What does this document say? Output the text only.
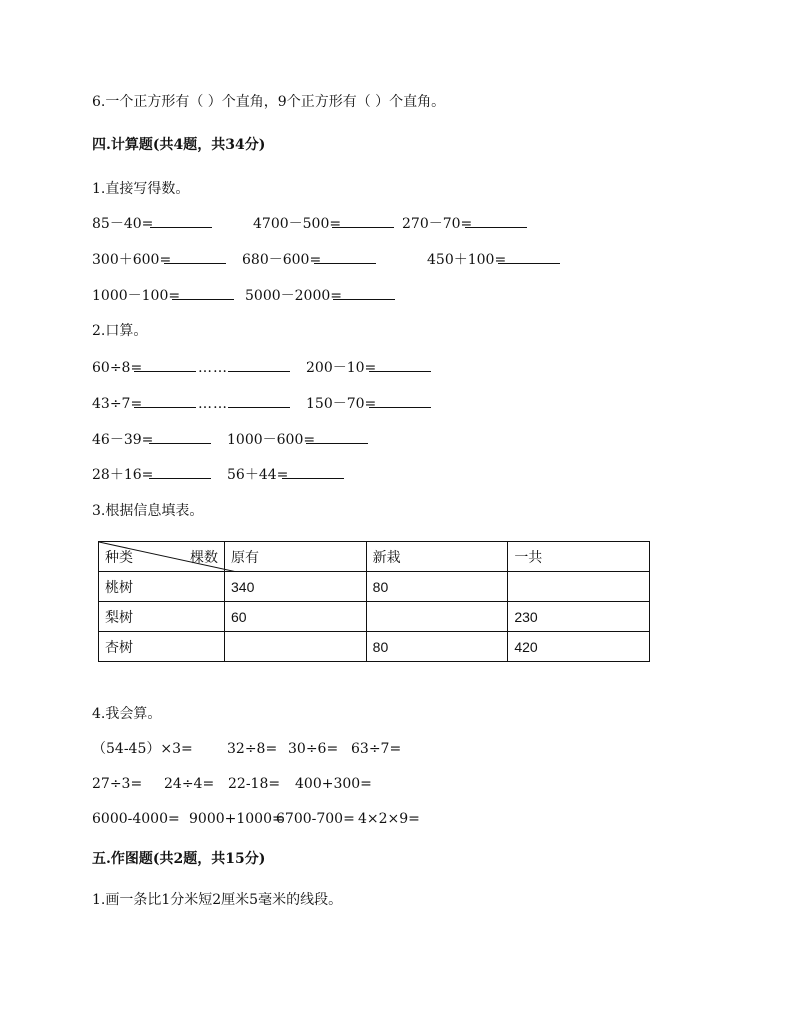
6.一个正方形有（ ）个直角，9个正方形有（ ）个直角。
四.计算题(共4题，共34分)
1.直接写得数。
85－40=	4700－500=	270－70=
300＋600=	680－600=	450＋100=
1000－100=	5000－2000=
2.口算。
60÷8=	……	200－10=
43÷7=	……	150－70=
46－39=	1000－600=
28＋16=	56＋44=
3.根据信息填表。
种类 棵数	原有	新栽	一共
桃树	340	80	
梨树	60		230
杏树		80	420
4.我会算。
（54-45）×3= 32÷8= 30÷6= 63÷7=
27÷3= 24÷4= 22-18= 400+300=
6000-4000= 9000+1000=
6700-700= 4×2×9=
五.作图题(共2题，共15分)
1.画一条比1分米短2厘米5毫米的线段。
